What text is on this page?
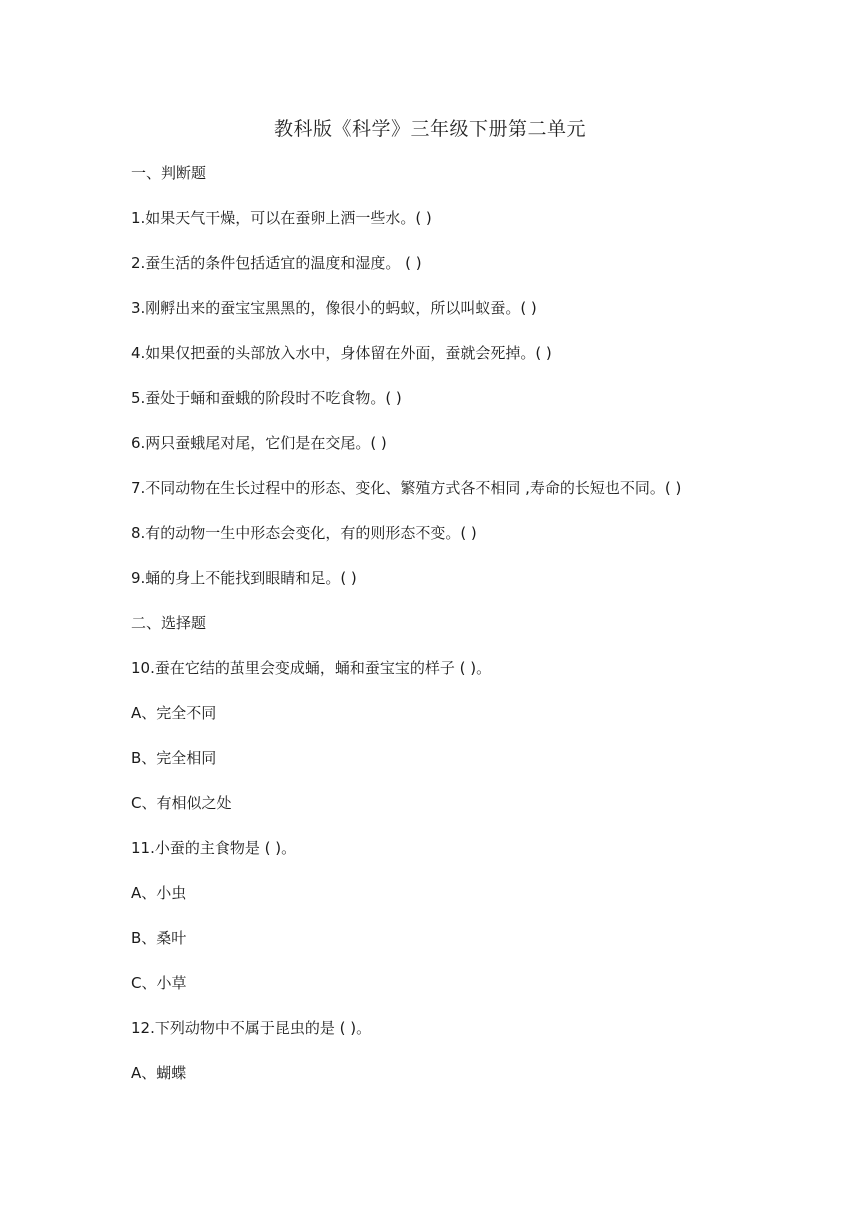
教科版《科学》三年级下册第二单元
一、判断题
1.如果天气干燥，可以在蚕卵上洒一些水。( )
2.蚕生活的条件包括适宜的温度和湿度。 ( )
3.刚孵出来的蚕宝宝黑黑的，像很小的蚂蚁，所以叫蚁蚕。( )
4.如果仅把蚕的头部放入水中，身体留在外面，蚕就会死掉。( )
5.蚕处于蛹和蚕蛾的阶段时不吃食物。( )
6.两只蚕蛾尾对尾，它们是在交尾。( )
7.不同动物在生长过程中的形态、变化、繁殖方式各不相同 ,寿命的长短也不同。( )
8.有的动物一生中形态会变化，有的则形态不变。( )
9.蛹的身上不能找到眼睛和足。( )
二、选择题
10.蚕在它结的茧里会变成蛹，蛹和蚕宝宝的样子 ( )。
A、完全不同
B、完全相同
C、有相似之处
11.小蚕的主食物是 ( )。
A、小虫
B、桑叶
C、小草
12.下列动物中不属于昆虫的是 ( )。
A、蝴蝶
